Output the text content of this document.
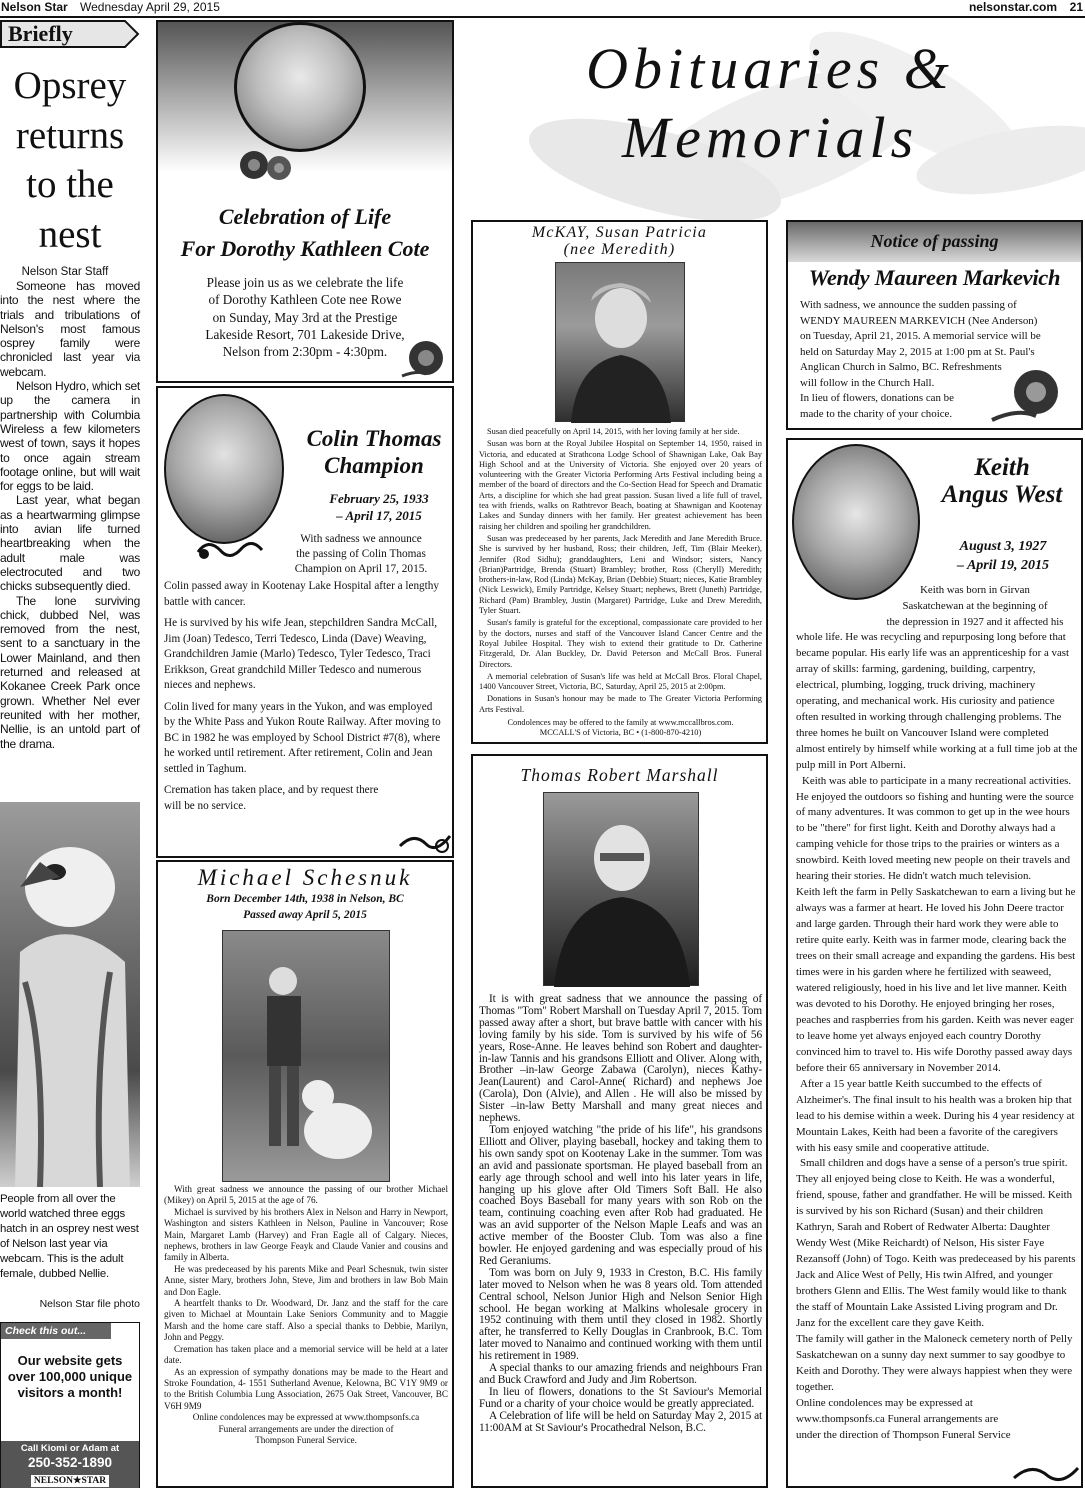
Nelson Star Wednesday April 29, 2015	nelsonstar.com 21
Briefly
Opsrey returns to the nest
Nelson Star Staff

Someone has moved into the nest where the trials and tribulations of Nelson's most famous osprey family were chronicled last year via webcam.

Nelson Hydro, which set up the camera in partnership with Columbia Wireless a few kilometers west of town, says it hopes to once again stream footage online, but will wait for eggs to be laid.

Last year, what began as a heartwarming glimpse into avian life turned heartbreaking when the adult male was electrocuted and two chicks subsequently died.

The lone surviving chick, dubbed Nel, was removed from the nest, sent to a sanctuary in the Lower Mainland, and then returned and released at Kokanee Creek Park once grown. Whether Nel ever reunited with her mother, Nellie, is an untold part of the drama.

People from all over the world watched three eggs hatch in an osprey nest west of Nelson last year via webcam. This is the adult female, dubbed Nellie.
Nelson Star file photo
Check this out...
Our website gets over 100,000 unique visitors a month!
Call Kiomi or Adam at
250-352-1890
NELSON★STAR
Obituaries &
Memorials
Celebration of Life
For Dorothy Kathleen Cote
Please join us as we celebrate the life
of Dorothy Kathleen Cote nee Rowe
on Sunday, May 3rd at the Prestige
Lakeside Resort, 701 Lakeside Drive,
Nelson from 2:30pm - 4:30pm.
Colin Thomas
Champion
February 25, 1933
– April 17, 2015
With sadness we announce
the passing of Colin Thomas
Champion on April 17, 2015.

Colin passed away in Kootenay Lake Hospital after a lengthy battle with cancer.

He is survived by his wife Jean, stepchildren Sandra McCall, Jim (Joan) Tedesco, Terri Tedesco, Linda (Dave) Weaving, Grandchildren Jamie (Marlo) Tedesco, Tyler Tedesco, Traci Erikkson, Great grandchild Miller Tedesco and numerous nieces and nephews.

Colin lived for many years in the Yukon, and was employed by the White Pass and Yukon Route Railway. After moving to BC in 1982 he was employed by School District #7(8), where he worked until retirement. After retirement, Colin and Jean settled in Taghum.

Cremation has taken place, and by request there will be no service.

Michael Schesnuk
Born December 14th, 1938 in Nelson, BC
Passed away April 5, 2015

With great sadness we announce the passing of our brother Michael (Mikey) on April 5, 2015 at the age of 76.

Michael is survived by his brothers Alex in Nelson and Harry in Newport, Washington and sisters Kathleen in Nelson, Pauline in Vancouver; Rose Main, Margaret Lamb (Harvey) and Fran Eagle all of Calgary. Nieces, nephews, brothers in law George Feayk and Claude Vanier and cousins and family in Alberta.

He was predeceased by his parents Mike and Pearl Schesnuk, twin sister Anne, sister Mary, brothers John, Steve, Jim and brothers in law Bob Main and Don Eagle.

A heartfelt thanks to Dr. Woodward, Dr. Janz and the staff for the care given to Michael at Mountain Lake Seniors Community and to Maggie Marsh and the home care staff. Also a special thanks to Debbie, Marilyn, John and Peggy.

Cremation has taken place and a memorial service will be held at a later date.

As an expression of sympathy donations may be made to the Heart and Stroke Foundation, 4- 1551 Sutherland Avenue, Kelowna, BC V1Y 9M9 or to the British Columbia Lung Association, 2675 Oak Street, Vancouver, BC V6H 9M9

Online condolences may be expressed at www.thompsonfs.ca
Funeral arrangements are under the direction of
Thompson Funeral Service.
McKAY, Susan Patricia
(nee Meredith)

Susan died peacefully on April 14, 2015, with her loving family at her side.

Susan was born at the Royal Jubilee Hospital on September 14, 1950, raised in Victoria, and educated at Strathcona Lodge School of Shawnigan Lake, Oak Bay High School and at the University of Victoria. She enjoyed over 20 years of volunteering with the Greater Victoria Performing Arts Festival including being a member of the board of directors and the Co-Section Head for Speech and Dramatic Arts, a discipline for which she had great passion. Susan lived a life full of travel, tea with friends, walks on Rathtrevor Beach, boating at Shawnigan and Kootenay Lakes and Sunday dinners with her family. Her greatest achievement has been raising her children and spoiling her grandchildren.

Susan was predeceased by her parents, Jack Meredith and Jane Meredith Bruce. She is survived by her husband, Ross; their children, Jeff, Tim (Blair Meeker), Jennifer (Rod Sidhu); granddaughters, Leni and Windsor; sisters, Nancy (Brian)Partridge, Brenda (Stuart) Brambley; brother, Ross (Cheryll) Meredith; brothers-in-law, Rod (Linda) McKay, Brian (Debbie) Stuart; nieces, Katie Brambley (Nick Leswick), Emily Partridge, Kelsey Stuart; nephews, Brett (Juneth) Partridge, Richard (Pam) Brambley, Justin (Margaret) Partridge, Luke and Drew Meredith, Tyler Stuart.

Susan's family is grateful for the exceptional, compassionate care provided to her by the doctors, nurses and staff of the Vancouver Island Cancer Centre and the Royal Jubilee Hospital. They wish to extend their gratitude to Dr. Catherine Fitzgerald, Dr. Alan Buckley, Dr. David Peterson and McCall Bros. Funeral Directors.

A memorial celebration of Susan's life was held at McCall Bros. Floral Chapel, 1400 Vancouver Street, Victoria, BC, Saturday, April 25, 2015 at 2:00pm.

Donations in Susan's honour may be made to The Greater Victoria Performing Arts Festival.

Condolences may be offered to the family at www.mccallbros.com.
MCCALL'S of Victoria, BC • (1-800-870-4210)
Thomas Robert Marshall

It is with great sadness that we announce the passing of Thomas "Tom" Robert Marshall on Tuesday April 7, 2015. Tom passed away after a short, but brave battle with cancer with his loving family by his side. Tom is survived by his wife of 56 years, Rose-Anne. He leaves behind son Robert and daughter-in-law Tannis and his grandsons Elliott and Oliver. Along with, Brother –in-law George Zabawa (Carolyn), nieces Kathy-Jean(Laurent) and Carol-Anne( Richard) and nephews Joe (Carola), Don (Alvie), and Allen . He will also be missed by Sister –in-law Betty Marshall and many great nieces and nephews.

Tom enjoyed watching "the pride of his life", his grandsons Elliott and Oliver, playing baseball, hockey and taking them to his own sandy spot on Kootenay Lake in the summer. Tom was an avid and passionate sportsman. He played baseball from an early age through school and well into his later years in life, hanging up his glove after Old Timers Soft Ball. He also coached Boys Baseball for many years with son Rob on the team, continuing coaching even after Rob had graduated. He was an avid supporter of the Nelson Maple Leafs and was an active member of the Booster Club. Tom was also a fine bowler. He enjoyed gardening and was especially proud of his Red Geraniums.

Tom was born on July 9, 1933 in Creston, B.C. His family later moved to Nelson when he was 8 years old. Tom attended Central school, Nelson Junior High and Nelson Senior High school. He began working at Malkins wholesale grocery in 1952 continuing with them until they closed in 1982. Shortly after, he transferred to Kelly Douglas in Cranbrook, B.C. Tom later moved to Nanaimo and continued working with them until his retirement in 1989.

A special thanks to our amazing friends and neighbours Fran and Buck Crawford and Judy and Jim Robertson.

In lieu of flowers, donations to the St Saviour's Memorial Fund or a charity of your choice would be greatly appreciated.

A Celebration of life will be held on Saturday May 2, 2015 at 11:00AM at St Saviour's Procathedral Nelson, B.C.

Notice of passing
Wendy Maureen Markevich
With sadness, we announce the sudden passing of
WENDY MAUREEN MARKEVICH (Nee Anderson)
on Tuesday, April 21, 2015. A memorial service will be
held on Saturday May 2, 2015 at 1:00 pm at St. Paul's
Anglican Church in Salmo, BC. Refreshments
will follow in the Church Hall.
In lieu of flowers, donations can be
made to the charity of your choice.
Keith
Angus West
August 3, 1927
– April 19, 2015
Keith was born in Girvan
Saskatchewan at the beginning of
the depression in 1927 and it affected his

whole life. He was recycling and repurposing long before that became popular. His early life was an apprenticeship for a vast array of skills: farming, gardening, building, carpentry, electrical, plumbing, logging, truck driving, machinery operating, and mechanical work. His curiosity and patience often resulted in working through challenging problems. The three homes he built on Vancouver Island were completed almost entirely by himself while working at a full time job at the pulp mill in Port Alberni.

Keith was able to participate in a many recreational activities. He enjoyed the outdoors so fishing and hunting were the source of many adventures. It was common to get up in the wee hours to be "there" for first light. Keith and Dorothy always had a camping vehicle for those trips to the prairies or winters as a snowbird. Keith loved meeting new people on their travels and hearing their stories. He didn't watch much television.

Keith left the farm in Pelly Saskatchewan to earn a living but he always was a farmer at heart. He loved his John Deere tractor and large garden. Through their hard work they were able to retire quite early. Keith was in farmer mode, clearing back the trees on their small acreage and expanding the gardens. His best times were in his garden where he fertilized with seaweed, watered religiously, hoed in his live and let live manner. Keith was devoted to his Dorothy. He enjoyed bringing her roses, peaches and raspberries from his garden. Keith was never eager to leave home yet always enjoyed each country Dorothy convinced him to travel to. His wife Dorothy passed away days before their 65 anniversary in November 2014.

After a 15 year battle Keith succumbed to the effects of Alzheimer's. The final insult to his health was a broken hip that lead to his demise within a week. During his 4 year residency at Mountain Lakes, Keith had been a favorite of the caregivers with his easy smile and cooperative attitude.

Small children and dogs have a sense of a person's true spirit. They all enjoyed being close to Keith. He was a wonderful, friend, spouse, father and grandfather. He will be missed. Keith is survived by his son Richard (Susan) and their children Kathryn, Sarah and Robert of Redwater Alberta: Daughter Wendy West (Mike Reichardt) of Nelson, His sister Faye Rezansoff (John) of Togo. Keith was predeceased by his parents Jack and Alice West of Pelly, His twin Alfred, and younger brothers Glenn and Ellis. The West family would like to thank the staff of Mountain Lake Assisted Living program and Dr. Janz for the excellent care they gave Keith.

The family will gather in the Maloneck cemetery north of Pelly Saskatchewan on a sunny day next summer to say goodbye to Keith and Dorothy. They were always happiest when they were together.

Online condolences may be expressed at www.thompsonfs.ca Funeral arrangements are under the direction of Thompson Funeral Service
